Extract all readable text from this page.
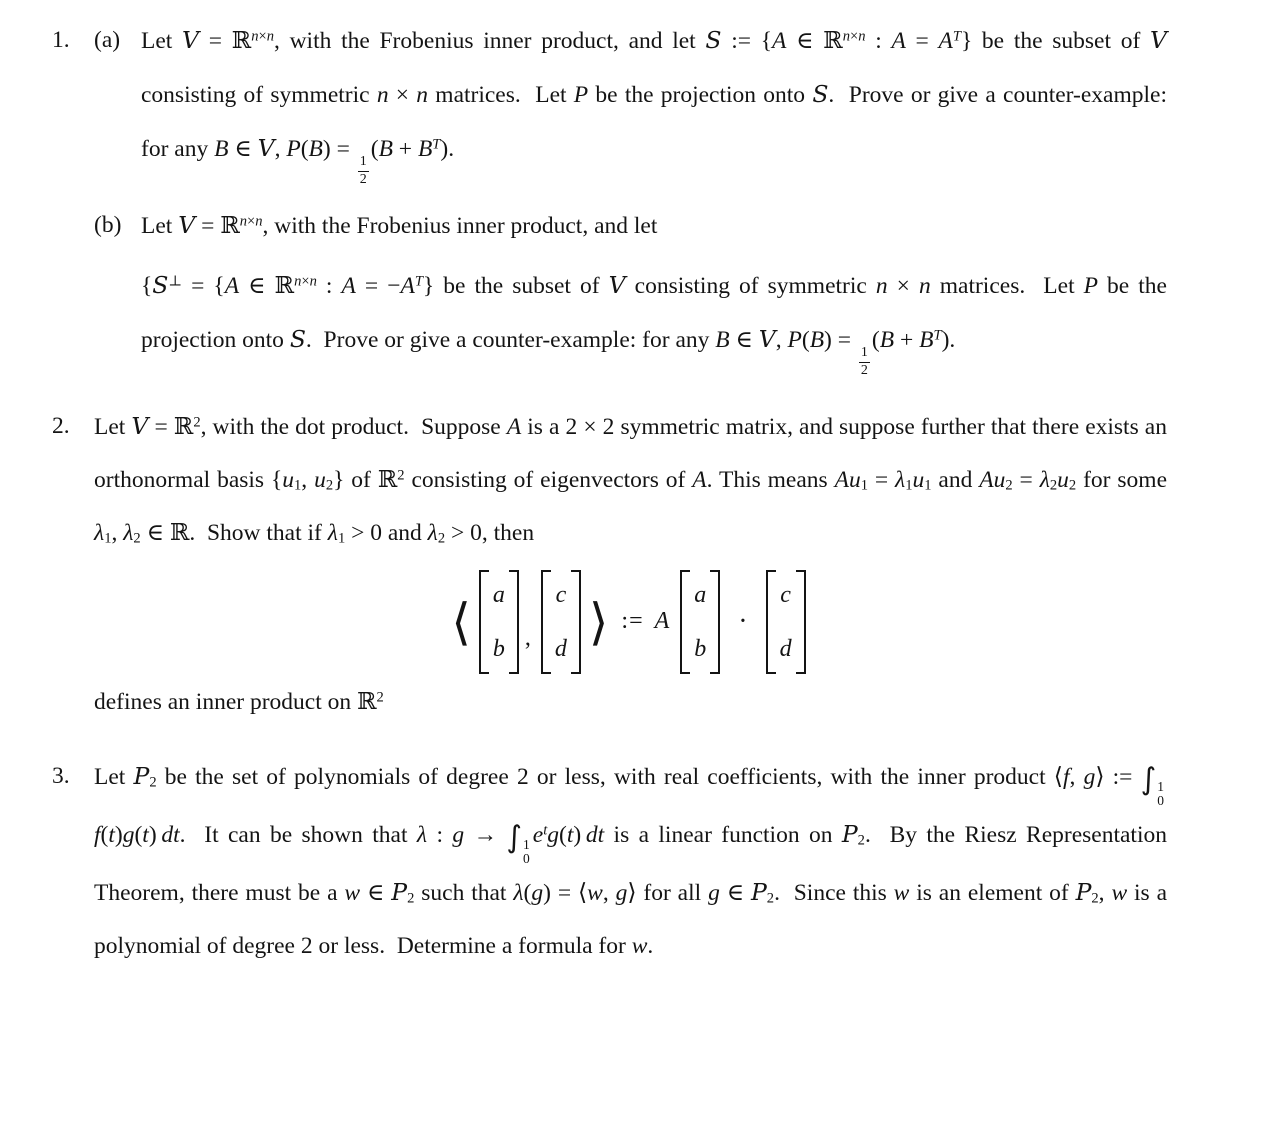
1.	(a) Let V = ℝ$^{n\times n}$, with the Frobenius inner product, and let S := {A ∈ ℝ$^{n\times n}$ : $A = A^T$} be the subset of V consisting of symmetric n × n matrices.  Let P be the projection onto S.  Prove or give a counter-example: for any B ∈ V, P(B) =
$\frac{1}{2}$
$(B + B^T)$.
(b) Let V = ℝ$^{n\times n}$, with the Frobenius inner product, and let
{S⊥ = {A ∈ ℝ$^{n\times n}$ : $A = -A^T$} be the subset of V consisting of symmetric n × n matrices.  Let P be the projection onto S.  Prove or give a counter-example: for any B ∈ V, P(B) =
$\frac{1}{2}$
$(B + B^T)$.
2.	Let V = ℝ$^2$, with the dot product.  Suppose A is a 2 × 2 symmetric matrix, and suppose further that there exists an orthonormal basis {$u_1$, $u_2$} of ℝ$^2$ consisting of eigenvectors of A. This means $Au_1 = \lambda_1u_1$ and $Au_2 = \lambda_2u_2$ for some $\lambda_1$, $\lambda_2$ ∈ ℝ.  Show that if $\lambda_1 > 0$ and $\lambda_2 > 0$, then
⟨ a
b ,
c
d ⟩ := A
a
b
·
c
d
defines an inner product on ℝ$^2$
3.	Let $P_2$ be the set of polynomials of degree 2 or less, with real coefficients, with the inner product ⟨f, g⟩ := ∫ 1
0
f(t)g(t) dt.  It can be shown that λ : g → ∫ 1
0
$e^tg(t)$ dt is a linear function on $P_2$.  By the Riesz Representation Theorem, there must be a w ∈ $P_2$ such that λ(g) = ⟨w, g⟩ for all g ∈ $P_2$.  Since this w is an element of $P_2$, w is a polynomial of degree 2 or less.  Determine a formula for w.
